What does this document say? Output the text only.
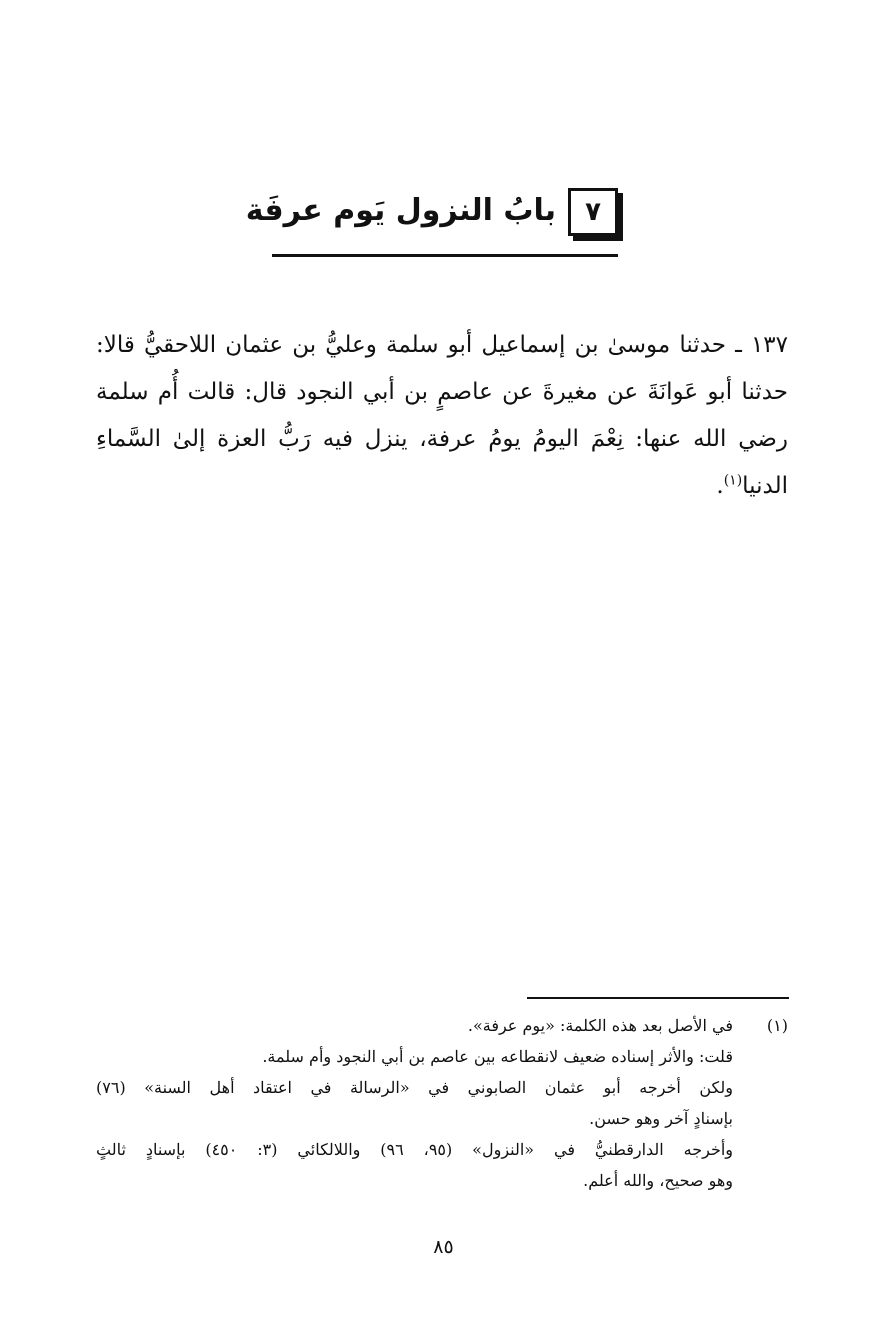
٧
بابُ النزول يَوم عرفَة

١٣٧ ـ حدثنا موسىٰ بن إسماعيل أبو سلمة وعليُّ بن عثمان اللاحقيُّ قالا: حدثنا أبو عَوانَةَ عن مغيرةَ عن عاصمٍ بن أبي النجود قال: قالت أُم سلمة رضي الله عنها: نِعْمَ اليومُ يومُ عرفة، ينزل فيه رَبُّ العزة إلىٰ السَّماءِ الدنيا$^{(١)}$.

(١)
في الأصل بعد هذه الكلمة: «يوم عرفة».
قلت: والأثر إسناده ضعيف لانقطاعه بين عاصم بن أبي النجود وأم سلمة.
ولكن أخرجه أبو عثمان الصابوني في «الرسالة في اعتقاد أهل السنة» (٧٦)
بإسنادٍ آخر وهو حسن.
وأخرجه الدارقطنيُّ في «النزول» (٩٥، ٩٦) واللالكائي (٣: ٤٥٠) بإسنادٍ ثالثٍ
وهو صحيح، والله أعلم.
٨٥
